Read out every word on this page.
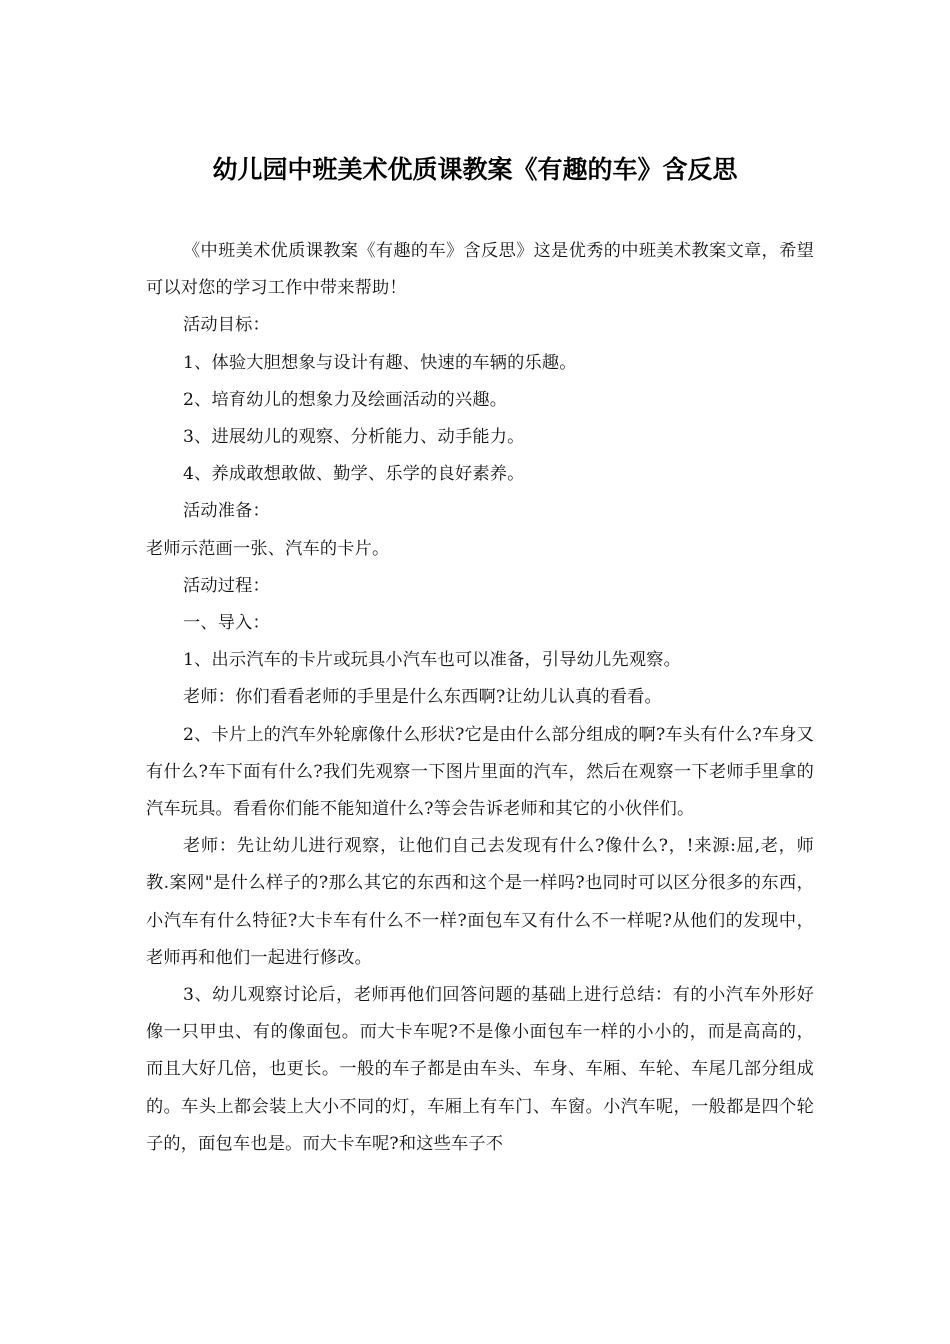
幼儿园中班美术优质课教案《有趣的车》含反思

《中班美术优质课教案《有趣的车》含反思》这是优秀的中班美术教案文章，希望可以对您的学习工作中带来帮助！

活动目标：

1、体验大胆想象与设计有趣、快速的车辆的乐趣。

2、培育幼儿的想象力及绘画活动的兴趣。

3、进展幼儿的观察、分析能力、动手能力。

4、养成敢想敢做、勤学、乐学的良好素养。

活动准备：

老师示范画一张、汽车的卡片。

活动过程：

一、导入：

1、出示汽车的卡片或玩具小汽车也可以准备，引导幼儿先观察。

老师：你们看看老师的手里是什么东西啊?让幼儿认真的看看。

2、卡片上的汽车外轮廓像什么形状?它是由什么部分组成的啊?车头有什么?车身又有什么?车下面有什么?我们先观察一下图片里面的汽车，然后在观察一下老师手里拿的汽车玩具。看看你们能不能知道什么?等会告诉老师和其它的小伙伴们。

老师：先让幼儿进行观察，让他们自己去发现有什么?像什么?，!来源:屈,老，师教.案网"是什么样子的?那么其它的东西和这个是一样吗?也同时可以区分很多的东西，小汽车有什么特征?大卡车有什么不一样?面包车又有什么不一样呢?从他们的发现中，老师再和他们一起进行修改。

3、幼儿观察讨论后，老师再他们回答问题的基础上进行总结：有的小汽车外形好像一只甲虫、有的像面包。而大卡车呢?不是像小面包车一样的小小的，而是高高的，而且大好几倍，也更长。一般的车子都是由车头、车身、车厢、车轮、车尾几部分组成的。车头上都会装上大小不同的灯，车厢上有车门、车窗。小汽车呢，一般都是四个轮子的，面包车也是。而大卡车呢?和这些车子不
